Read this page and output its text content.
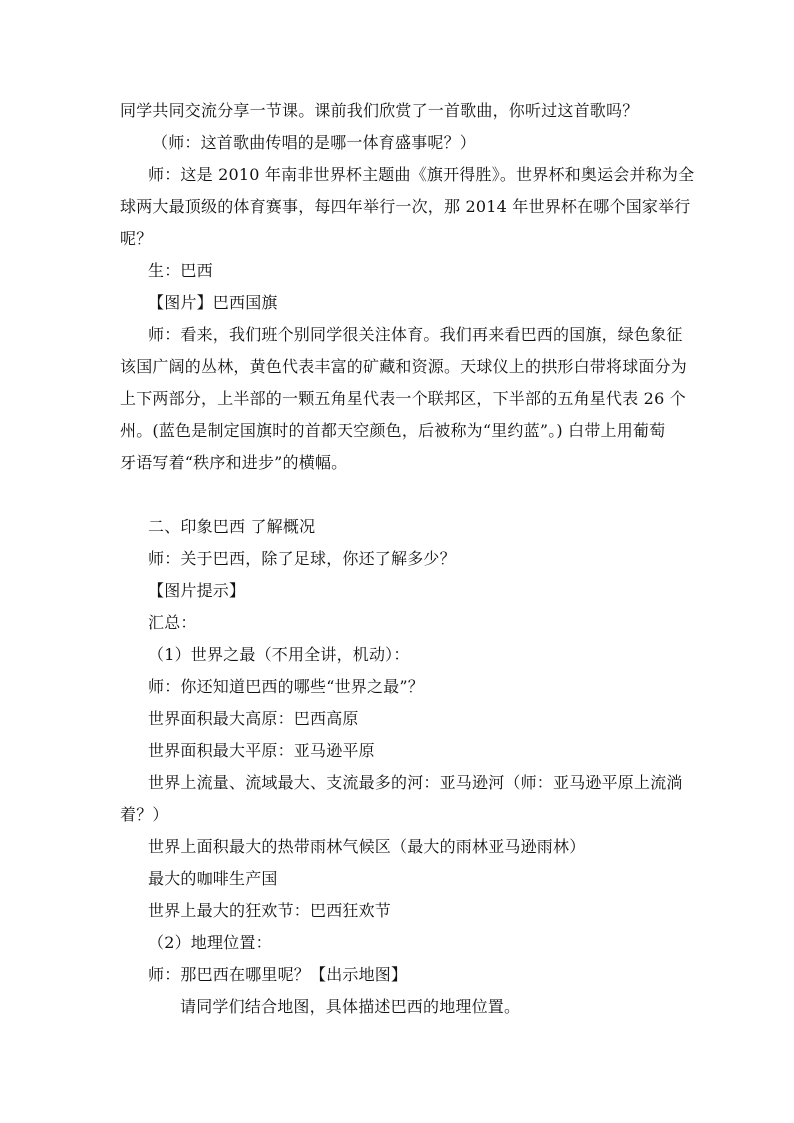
同学共同交流分享一节课。课前我们欣赏了一首歌曲，你听过这首歌吗？
（师：这首歌曲传唱的是哪一体育盛事呢？）
师：这是 2010 年南非世界杯主题曲《旗开得胜》。世界杯和奥运会并称为全
球两大最顶级的体育赛事，每四年举行一次，那 2014 年世界杯在哪个国家举行
呢？
生：巴西
【图片】巴西国旗
师：看来，我们班个别同学很关注体育。我们再来看巴西的国旗，绿色象征
该国广阔的丛林，黄色代表丰富的矿藏和资源。天球仪上的拱形白带将球面分为
上下两部分，上半部的一颗五角星代表一个联邦区，下半部的五角星代表 26 个
州。(蓝色是制定国旗时的首都天空颜色，后被称为“里约蓝”。) 白带上用葡萄
牙语写着“秩序和进步”的横幅。
二、印象巴西 了解概况
师：关于巴西，除了足球，你还了解多少？
【图片提示】
汇总：
（1）世界之最（不用全讲，机动）：
师：你还知道巴西的哪些“世界之最”？
世界面积最大高原：巴西高原
世界面积最大平原：亚马逊平原
世界上流量、流域最大、支流最多的河：亚马逊河（师：亚马逊平原上流淌
着？）
世界上面积最大的热带雨林气候区（最大的雨林亚马逊雨林）
最大的咖啡生产国
世界上最大的狂欢节：巴西狂欢节
（2）地理位置：
师：那巴西在哪里呢？【出示地图】
请同学们结合地图，具体描述巴西的地理位置。
